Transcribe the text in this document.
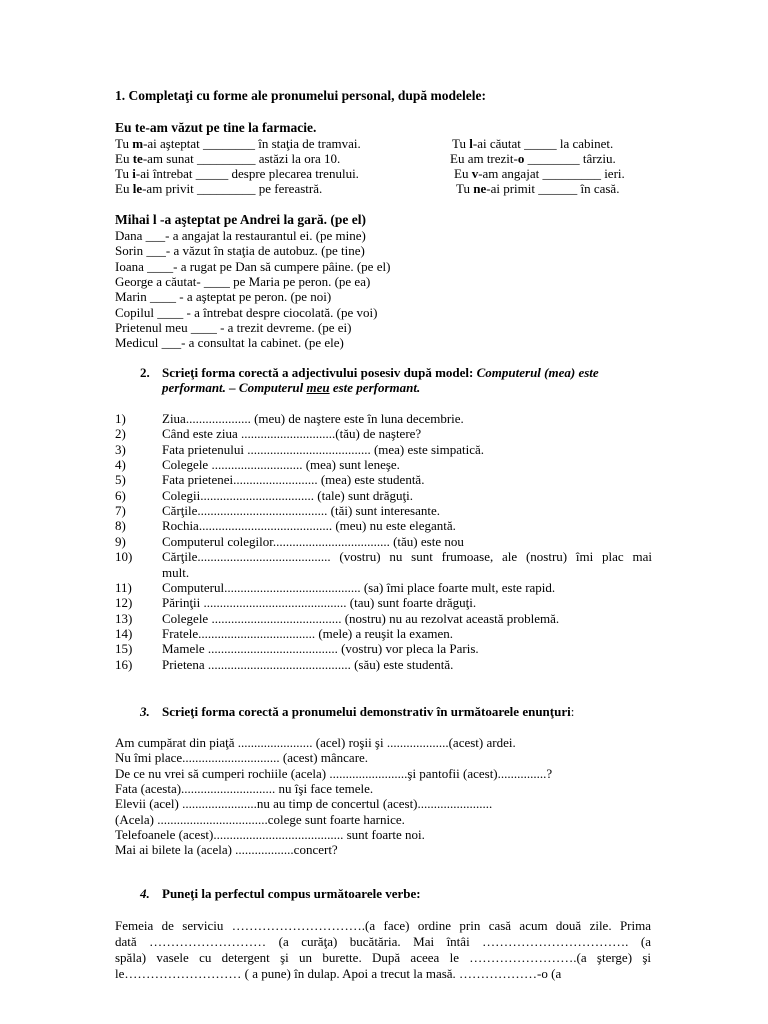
1. Completaţi cu forme ale pronumelui personal, după modelele:
Eu te-am văzut pe tine la farmacie.
Tu m-ai aşteptat ________ în staţia de tramvai.	Tu l-ai căutat _____ la cabinet.
Eu te-am sunat _________ astăzi la ora 10.	Eu am trezit-o ________ târziu.
Tu i-ai întrebat _____ despre plecarea trenului.	Eu v-am angajat _________ ieri.
Eu le-am privit _________ pe fereastră.	Tu ne-ai primit ______ în casă.
Mihai l -a aşteptat pe Andrei la gară. (pe el)
Dana ___- a angajat la restaurantul ei. (pe mine)
Sorin ___- a văzut în staţia de autobuz. (pe tine)
Ioana ____- a rugat pe Dan să cumpere pâine. (pe el)
George a căutat- ____ pe Maria pe peron. (pe ea)
Marin ____ - a aşteptat pe peron. (pe noi)
Copilul ____ - a întrebat despre ciocolată. (pe voi)
Prietenul meu ____ - a trezit devreme. (pe ei)
Medicul ___- a consultat la cabinet. (pe ele)
2. Scrieţi forma corectă a adjectivului posesiv după model: Computerul (mea) este
performant. – Computerul meu este performant.
1)	Ziua.................... (meu) de naştere este în luna decembrie.
2)	Când este ziua .............................(tău) de naştere?
3)	Fata prietenului ...................................... (mea) este simpatică.
4)	Colegele ............................ (mea) sunt leneşe.
5)	Fata prietenei.......................... (mea) este studentă.
6)	Colegii................................... (tale) sunt drăguţi.
7)	Cărţile........................................ (tăi) sunt interesante.
8)	Rochia......................................... (meu) nu este elegantă.
9)	Computerul colegilor.................................... (tău) este nou
10) Cărţile......................................... (vostru) nu sunt frumoase, ale (nostru) îmi plac mai
mult.
11) Computerul.......................................... (sa) îmi place foarte mult, este rapid.
12) Părinţii ............................................ (tau) sunt foarte drăguţi.
13) Colegele ........................................ (nostru) nu au rezolvat această problemă.
14) Fratele.................................... (mele) a reuşit la examen.
15) Mamele ........................................ (vostru) vor pleca la Paris.
16) Prietena ............................................ (său) este studentă.
3. Scrieţi forma corectă a pronumelui demonstrativ în următoarele enunţuri:
Am cumpărat din piaţă ....................... (acel) roşii şi ...................(acest) ardei.
Nu îmi place.............................. (acest) mâncare.
De ce nu vrei să cumperi rochiile (acela) ........................şi pantofii (acest)...............?
Fata (acesta)............................. nu îşi face temele.
Elevii (acel) .......................nu au timp de concertul (acest).......................
(Acela) ..................................colege sunt foarte harnice.
Telefoanele (acest)........................................ sunt foarte noi.
Mai ai bilete la (acela) ..................concert?
4. Puneţi la perfectul compus următoarele verbe:
Femeia de serviciu ………………………….(a face) ordine prin casă acum două zile. Prima
dată ……………………… (a curăţa) bucătăria. Mai întâi ……………………………. (a
spăla) vasele cu detergent şi un burette. După aceea le …………………….(a şterge) şi
le……………………… ( a pune) în dulap. Apoi a trecut la masă. ………………-o (a
